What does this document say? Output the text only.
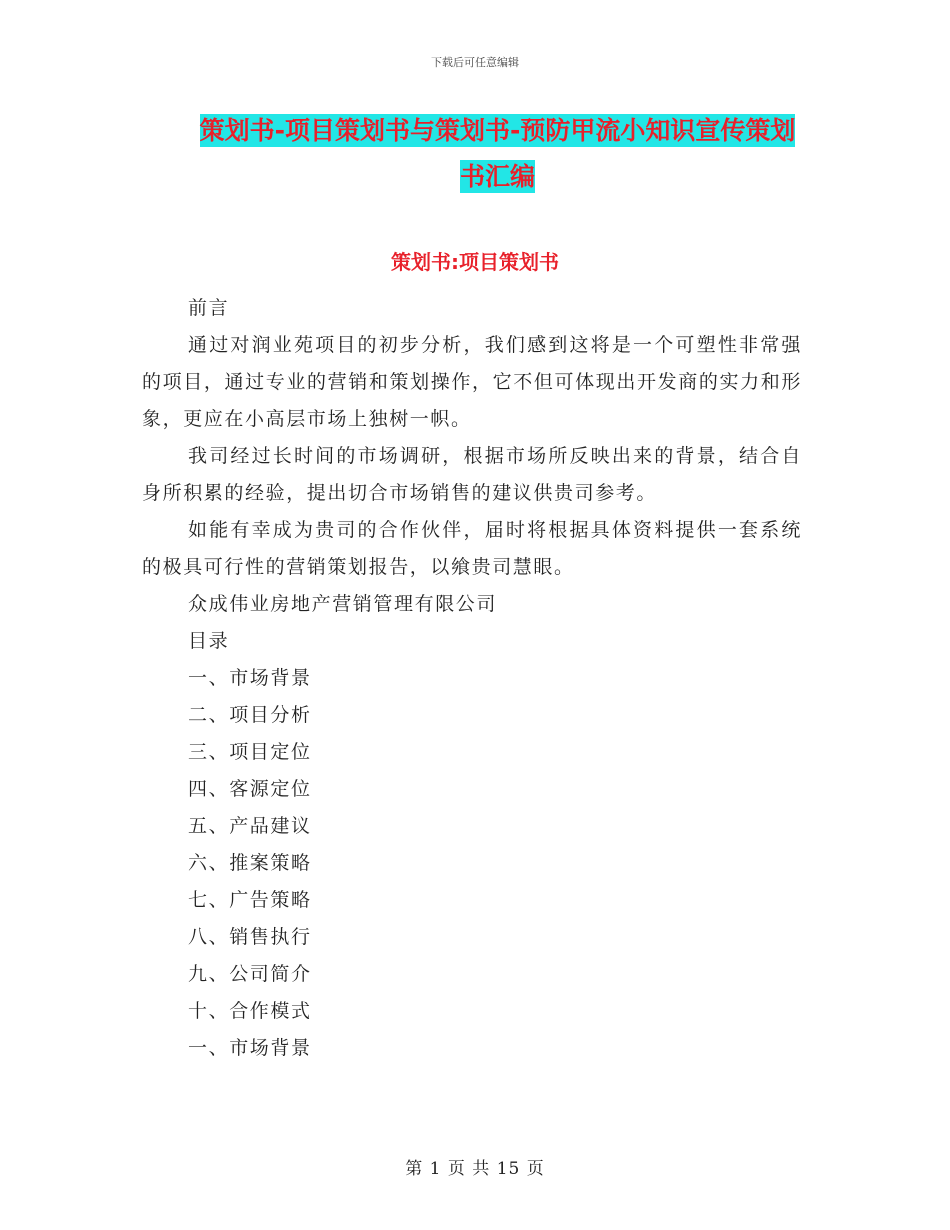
下载后可任意编辑
策划书-项目策划书与策划书-预防甲流小知识宣传策划书汇编
策划书:项目策划书

前言

通过对润业苑项目的初步分析，我们感到这将是一个可塑性非常强的项目，通过专业的营销和策划操作，它不但可体现出开发商的实力和形象，更应在小高层市场上独树一帜。

我司经过长时间的市场调研，根据市场所反映出来的背景，结合自身所积累的经验，提出切合市场销售的建议供贵司参考。

如能有幸成为贵司的合作伙伴，届时将根据具体资料提供一套系统的极具可行性的营销策划报告，以飨贵司慧眼。

众成伟业房地产营销管理有限公司

目录

一、市场背景
二、项目分析
三、项目定位
四、客源定位
五、产品建议
六、推案策略
七、广告策略
八、销售执行
九、公司简介
十、合作模式
一、市场背景
第 1 页 共 15 页
